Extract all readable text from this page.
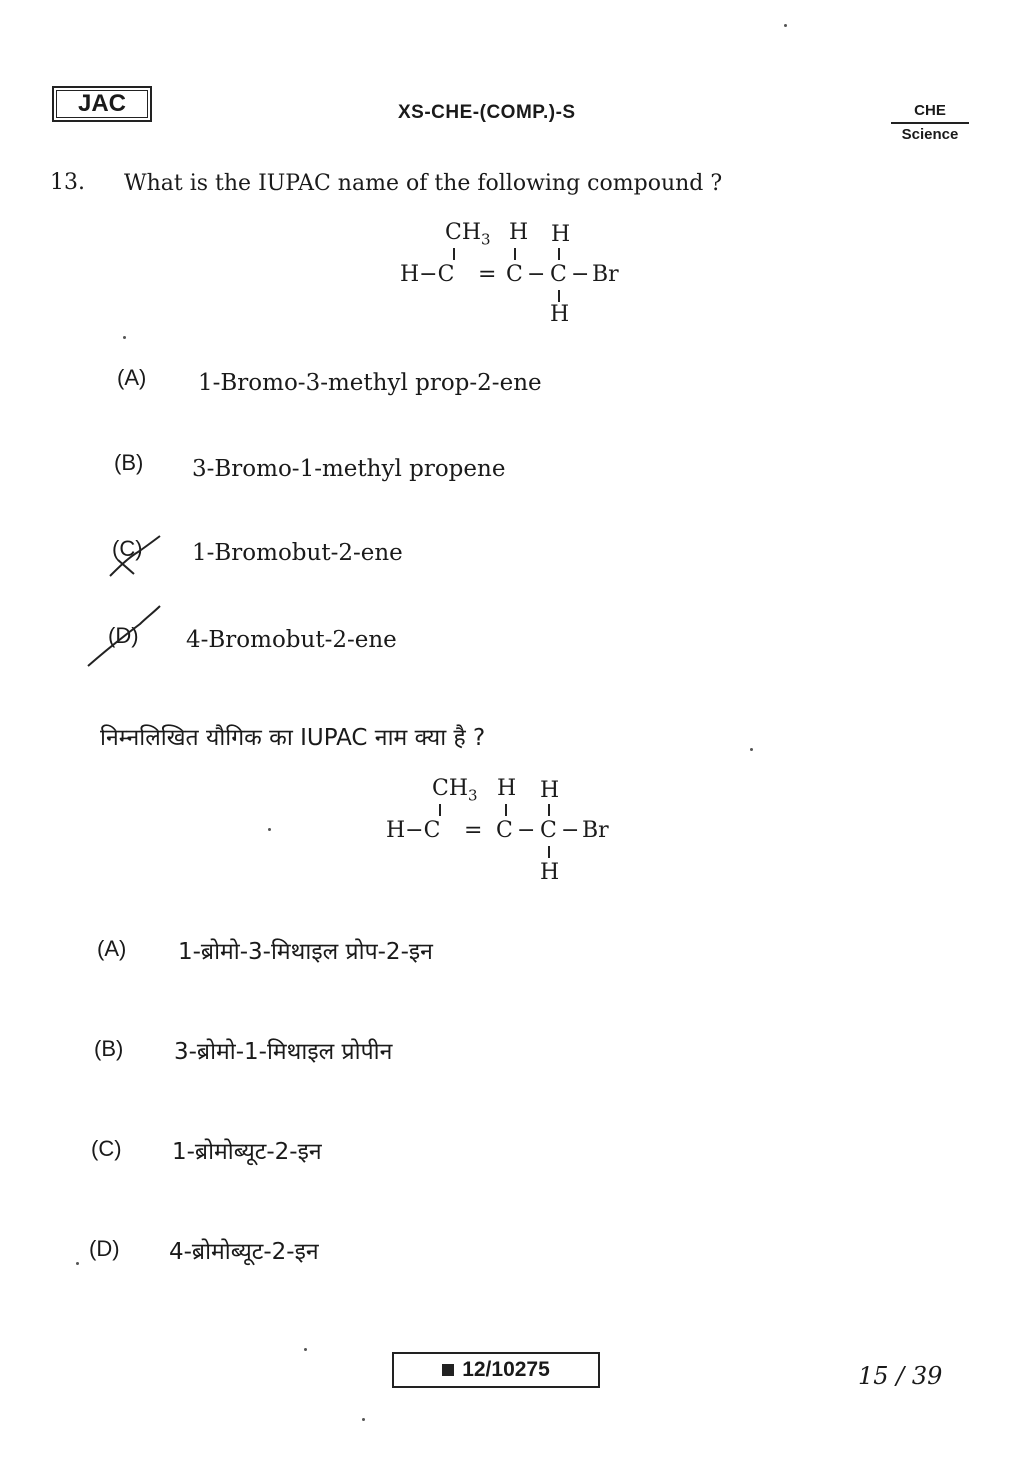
JAC	XS-CHE-(COMP.)-S	CHE
Science
13. What is the IUPAC name of the following compound ?
$CH_3$ H H
H−C = C − C − Br
H
(A) 1-Bromo-3-methyl prop-2-ene
(B) 3-Bromo-1-methyl propene
(C) 1-Bromobut-2-ene
(D) 4-Bromobut-2-ene
निम्नलिखित यौगिक का IUPAC नाम क्या है ?
$CH_3$ H H
H−C = C − C − Br
H
(A) 1-ब्रोमो-3-मिथाइल प्रोप-2-इन
(B) 3-ब्रोमो-1-मिथाइल प्रोपीन
(C) 1-ब्रोमोब्यूट-2-इन
(D) 4-ब्रोमोब्यूट-2-इन
12/10275	15 / 39
